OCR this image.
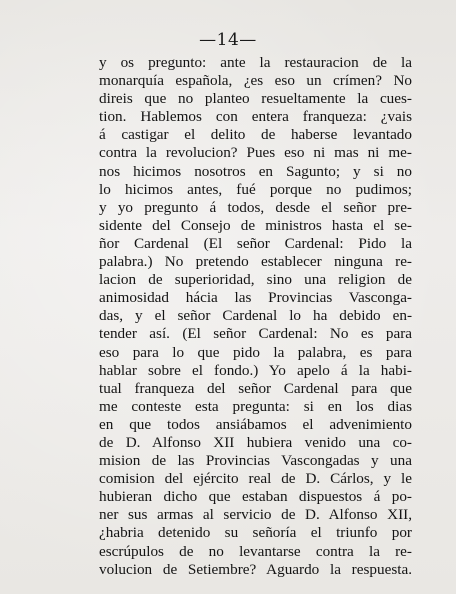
—14—
y os pregunto: ante la restauracion de la
monarquía española, ¿es eso un crímen? No
direis que no planteo resueltamente la cues-
tion. Hablemos con entera franqueza: ¿vais
á castigar el delito de haberse levantado
contra la revolucion? Pues eso ni mas ni me-
nos hicimos nosotros en Sagunto; y si no
lo hicimos antes, fué porque no pudimos;
y yo pregunto á todos, desde el señor pre-
sidente del Consejo de ministros hasta el se-
ñor Cardenal (El señor Cardenal: Pido la
palabra.) No pretendo establecer ninguna re-
lacion de superioridad, sino una religion de
animosidad hácia las Provincias Vasconga-
das, y el señor Cardenal lo ha debido en-
tender así. (El señor Cardenal: No es para
eso para lo que pido la palabra, es para
hablar sobre el fondo.) Yo apelo á la habi-
tual franqueza del señor Cardenal para que
me conteste esta pregunta: si en los dias
en que todos ansiábamos el advenimiento
de D. Alfonso XII hubiera venido una co-
mision de las Provincias Vascongadas y una
comision del ejército real de D. Cárlos, y le
hubieran dicho que estaban dispuestos á po-
ner sus armas al servicio de D. Alfonso XII,
¿habria detenido su señoría el triunfo por
escrúpulos de no levantarse contra la re-
volucion de Setiembre? Aguardo la respuesta.
